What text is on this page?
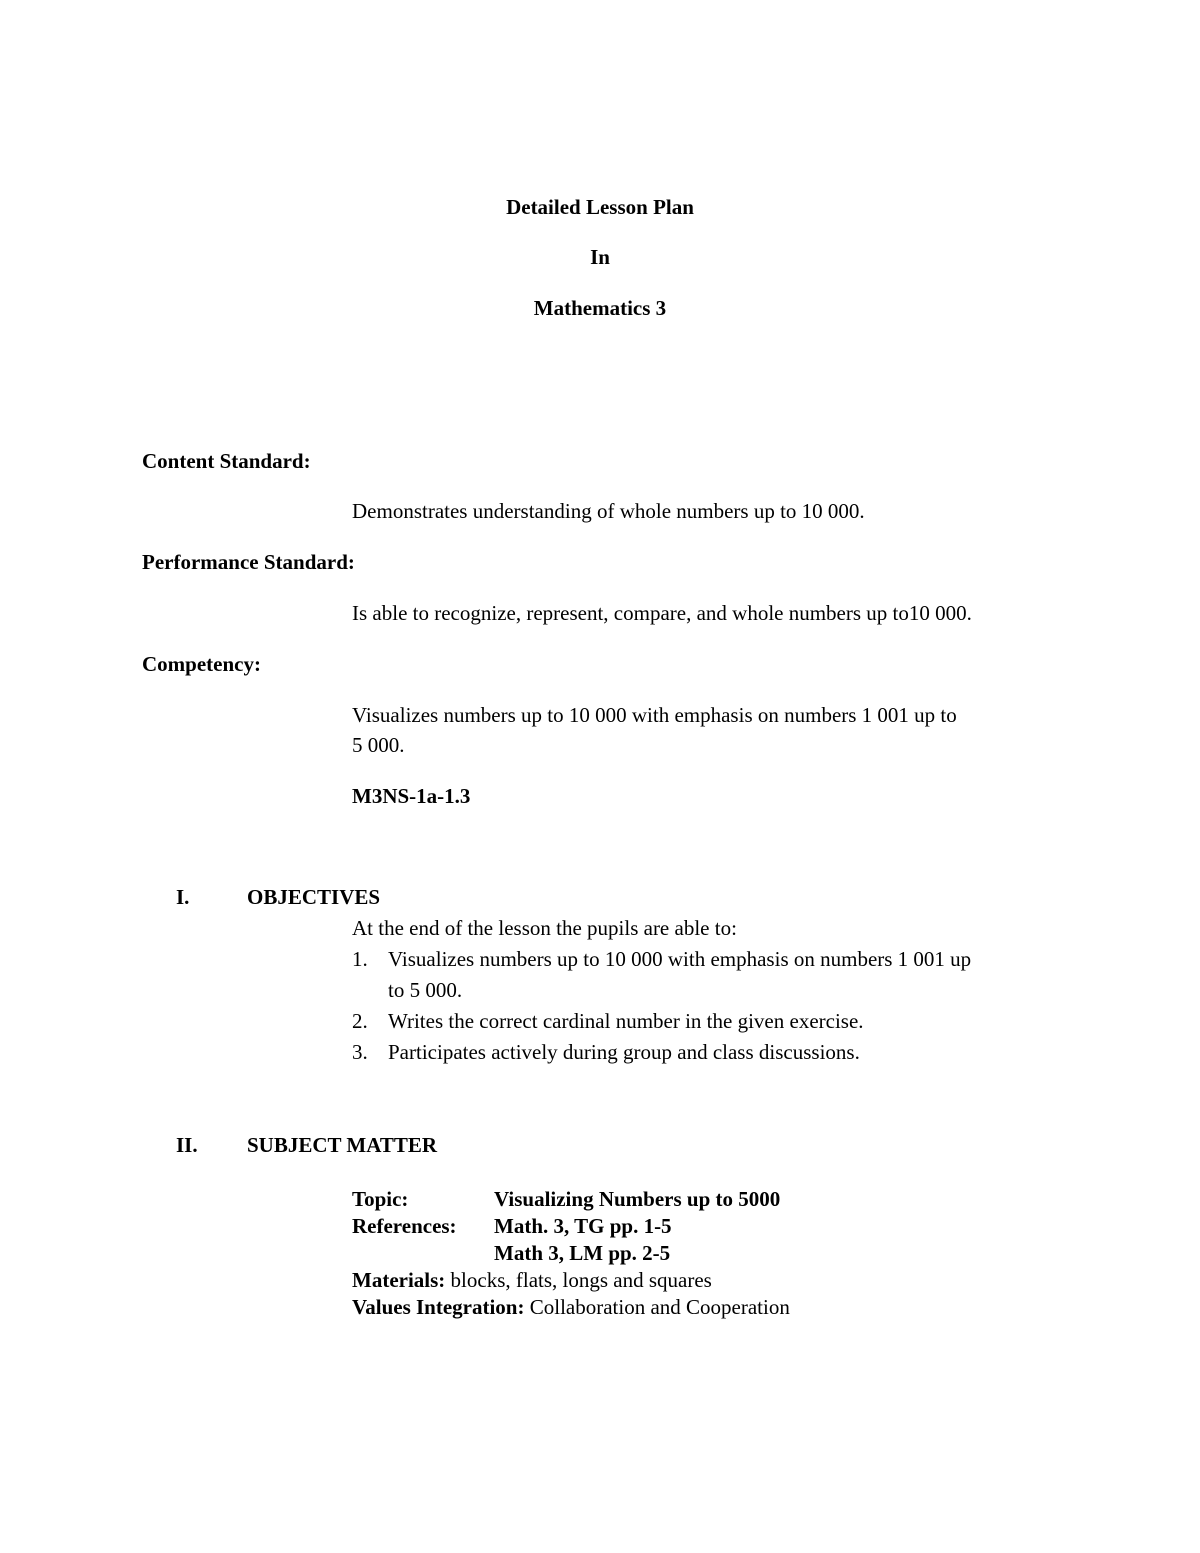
Detailed Lesson Plan
In
Mathematics 3
Content Standard:
Demonstrates understanding of whole numbers up to 10 000.
Performance Standard:
Is able to recognize, represent, compare, and whole numbers up to10 000.
Competency:
Visualizes numbers up to 10 000 with emphasis on numbers 1 001 up to
5 000.
M3NS-1a-1.3
I.	OBJECTIVES
At the end of the lesson the pupils are able to:
1. Visualizes numbers up to 10 000 with emphasis on numbers 1 001 up
to 5 000.
2. Writes the correct cardinal number in the given exercise.
3. Participates actively during group and class discussions.
II. SUBJECT MATTER
Topic:	Visualizing Numbers up to 5000
References: Math. 3, TG pp. 1-5
Math 3, LM pp. 2-5
Materials: blocks, flats, longs and squares
Values Integration: Collaboration and Cooperation
